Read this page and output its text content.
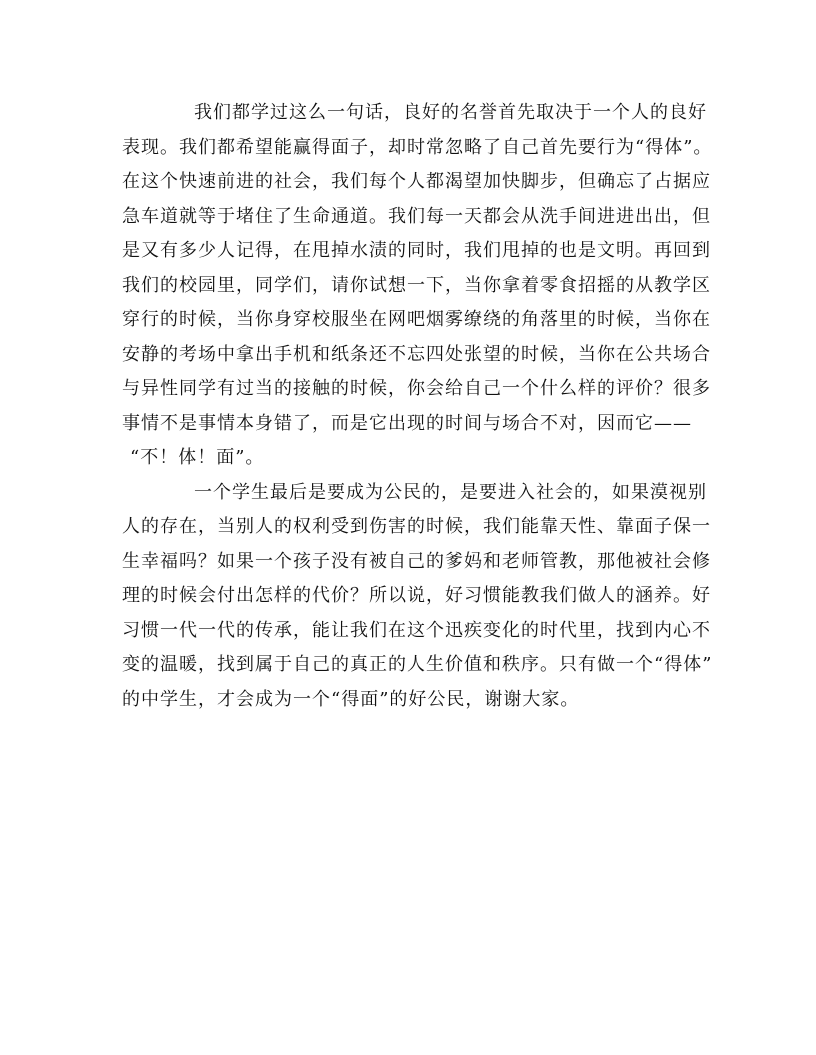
我们都学过这么一句话，良好的名誉首先取决于一个人的良好
表现。我们都希望能赢得面子，却时常忽略了自己首先要行为“得体”。
在这个快速前进的社会，我们每个人都渴望加快脚步，但确忘了占据应
急车道就等于堵住了生命通道。我们每一天都会从洗手间进进出出，但
是又有多少人记得，在甩掉水渍的同时，我们甩掉的也是文明。再回到
我们的校园里，同学们，请你试想一下，当你拿着零食招摇的从教学区
穿行的时候，当你身穿校服坐在网吧烟雾缭绕的角落里的时候，当你在
安静的考场中拿出手机和纸条还不忘四处张望的时候，当你在公共场合
与异性同学有过当的接触的时候，你会给自己一个什么样的评价？很多
事情不是事情本身错了，而是它出现的时间与场合不对，因而它——
“不！体！面”。

一个学生最后是要成为公民的，是要进入社会的，如果漠视别
人的存在，当别人的权利受到伤害的时候，我们能靠天性、靠面子保一
生幸福吗？如果一个孩子没有被自己的爹妈和老师管教，那他被社会修
理的时候会付出怎样的代价？所以说，好习惯能教我们做人的涵养。好
习惯一代一代的传承，能让我们在这个迅疾变化的时代里，找到内心不
变的温暖，找到属于自己的真正的人生价值和秩序。只有做一个“得体”
的中学生，才会成为一个“得面”的好公民，谢谢大家。
